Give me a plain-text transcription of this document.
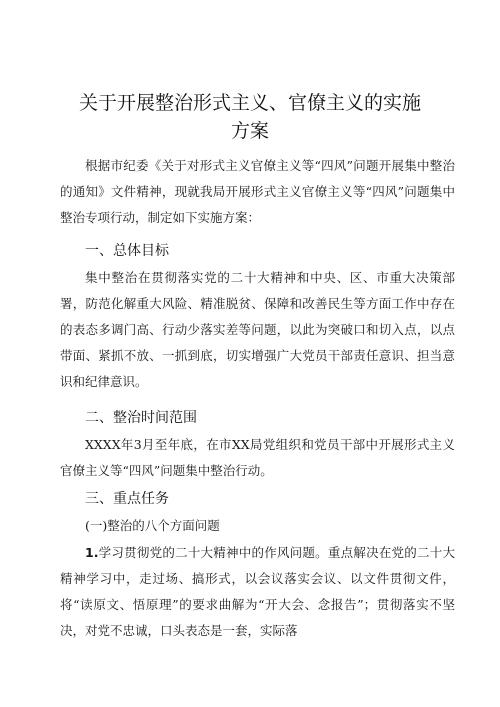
关于开展整治形式主义、官僚主义的实施
方案

根据市纪委《关于对形式主义官僚主义等“四风”问题开展集中整治的通知》文件精神，现就我局开展形式主义官僚主义等“四风”问题集中整治专项行动，制定如下实施方案：

一、总体目标

集中整治在贯彻落实党的二十大精神和中央、区、市重大决策部署，防范化解重大风险、精准脱贫、保障和改善民生等方面工作中存在的表态多调门高、行动少落实差等问题，以此为突破口和切入点，以点带面、紧抓不放、一抓到底，切实增强广大党员干部责任意识、担当意识和纪律意识。

二、整治时间范围

XXXX年3月至年底，在市XX局党组织和党员干部中开展形式主义官僚主义等“四风”问题集中整治行动。

三、重点任务

(一)整治的八个方面问题

1.学习贯彻党的二十大精神中的作风问题。重点解决在党的二十大精神学习中，走过场、搞形式，以会议落实会议、以文件贯彻文件，将“读原文、悟原理”的要求曲解为“开大会、念报告”；贯彻落实不坚决，对党不忠诚，口头表态是一套，实际落
